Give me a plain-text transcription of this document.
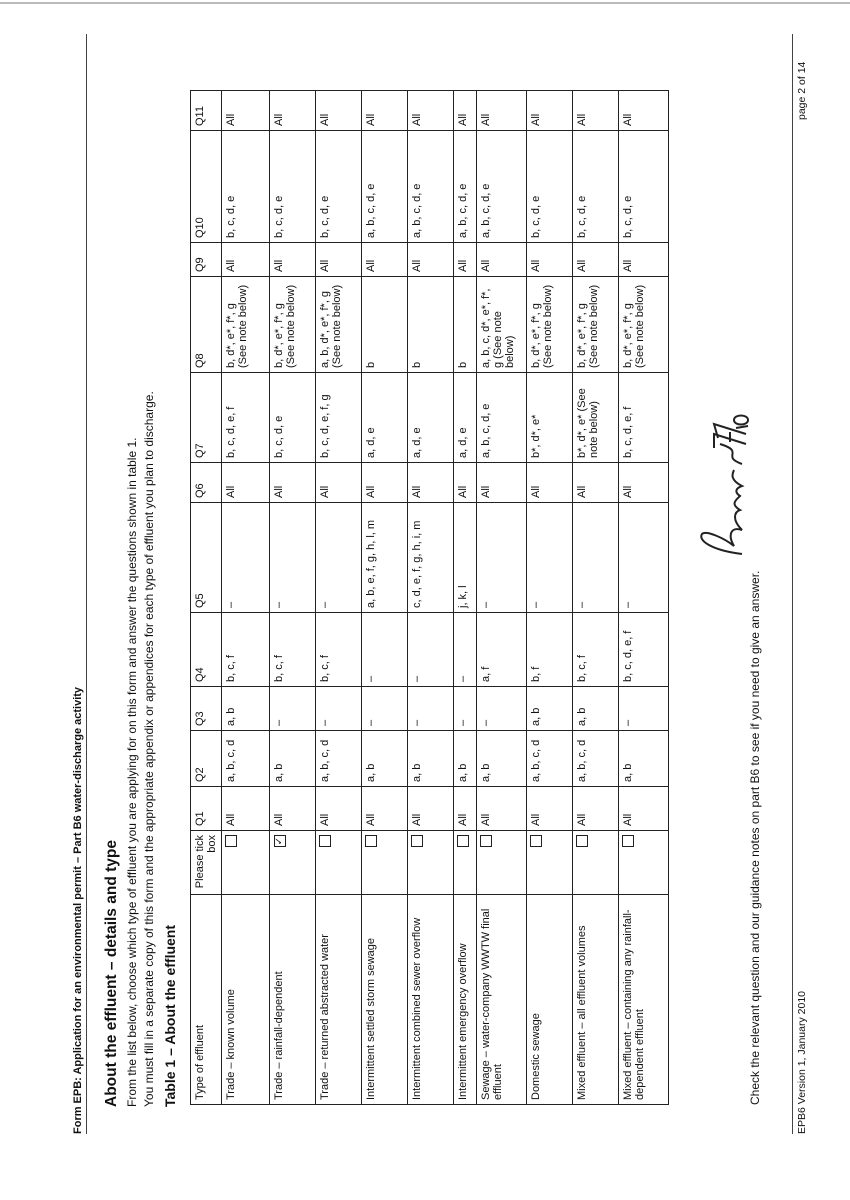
Form EPB: Application for an environmental permit – Part B6 water-discharge activity About the effluent – details and type From the list below, choose which type of effluent you are applying for on this form and answer the questions shown in table 1. You must fill in a separate copy of this form and the appropriate appendix or appendices for each type of effluent you plan to discharge. Table 1 – About the effluent Type of effluent	Please tick box	Q1	Q2	Q3	Q4	Q5	Q6	Q7	Q8	Q9	Q10	Q11
Trade – known volume		All	a, b, c, d	a, b	b, c, f	–	All	b, c, d, e, f	b, d*, e*, f*, g (See note below)	All	b, c, d, e	All
Trade – rainfall-dependent	✓	All	a, b	–	b, c, f	–	All	b, c, d, e	b, d*, e*, f*, g (See note below)	All	b, c, d, e	All
Trade – returned abstracted water		All	a, b, c, d	–	b, c, f	–	All	b, c, d, e, f, g	a, b, d*, e*, f*, g (See note below)	All	b, c, d, e	All
Intermittent settled storm sewage		All	a, b	–	–	a, b, e, f, g, h, l, m	All	a, d, e	b	All	a, b, c, d, e	All
Intermittent combined sewer overflow		All	a, b	–	–	c, d, e, f, g, h, i, m	All	a, d, e	b	All	a, b, c, d, e	All
Intermittent emergency overflow		All	a, b	–	–	j, k, l	All	a, d, e	b	All	a, b, c, d, e	All
Sewage – water-company WWTW final effluent		All	a, b	–	a, f	–	All	a, b, c, d, e	a, b, c, d*, e*, f*, g (See note below)	All	a, b, c, d, e	All
Domestic sewage		All	a, b, c, d	a, b	b, f	–	All	b*, d*, e*	b, d*, e*, f*, g (See note below)	All	b, c, d, e	All
Mixed effluent – all effluent volumes		All	a, b, c, d	a, b	b, c, f	–	All	b*, d*, e* (See note below)	b, d*, e*, f*, g (See note below)	All	b, c, d, e	All
Mixed effluent – containing any rainfall-dependent effluent		All	a, b	–	b, c, d, e, f	–	All	b, c, d, e, f	b, d*, e*, f*, g (See note below)	All	b, c, d, e	All
Check the relevant question and our guidance notes on part B6 to see if you need to give an answer.	EPB6 Version 1, January 2010
page 2 of 14
